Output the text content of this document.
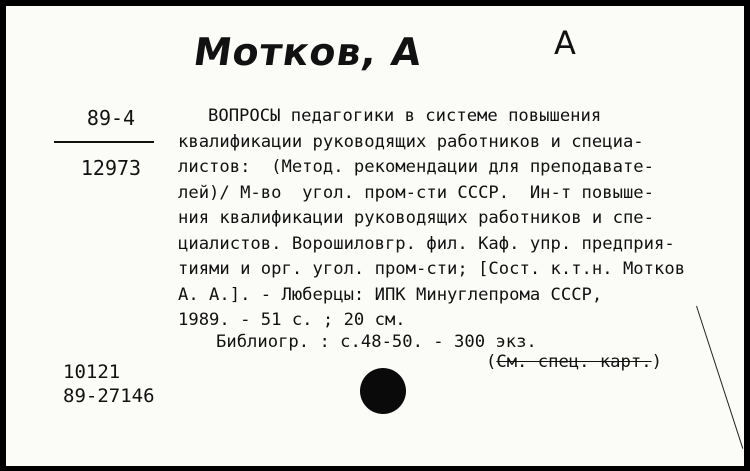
Мотков, А	А
89-4
12973
ВОПРОСЫ педагогики в системе повышения
квалификации руководящих работников и специа-
листов:  (Метод. рекомендации для преподавате-
лей)/ М-во  угол. пром-сти СССР.  Ин-т повыше-
ния квалификации руководящих работников и спе-
циалистов. Ворошиловгр. фил. Каф. упр. предприя-
тиями и орг. угол. пром-сти; [Сост. к.т.н. Мотков
А. А.]. - Люберцы: ИПК Минуглепрома СССР,
1989. - 51 с. ; 20 см.
Библиогр. : с.48-50. - 300 экз.
(См. спец. карт.)
10121
89-27146
